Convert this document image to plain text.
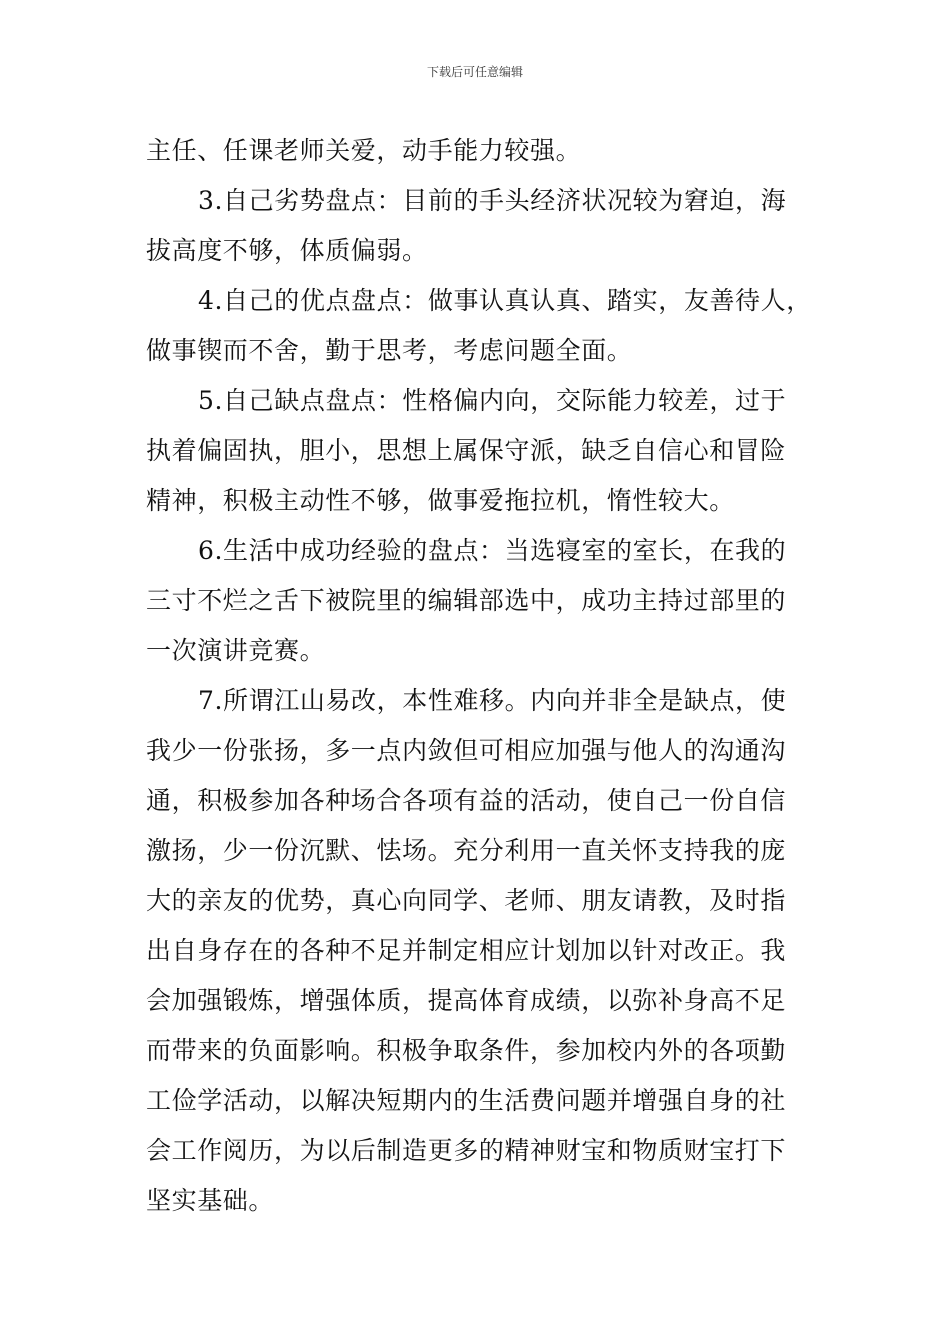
下载后可任意编辑
主任、任课老师关爱，动手能力较强。
3.自己劣势盘点：目前的手头经济状况较为窘迫，海
拔高度不够，体质偏弱。
4.自己的优点盘点：做事认真认真、踏实，友善待人，
做事锲而不舍，勤于思考，考虑问题全面。
5.自己缺点盘点：性格偏内向，交际能力较差，过于
执着偏固执，胆小，思想上属保守派，缺乏自信心和冒险
精神，积极主动性不够，做事爱拖拉机，惰性较大。
6.生活中成功经验的盘点：当选寝室的室长，在我的
三寸不烂之舌下被院里的编辑部选中，成功主持过部里的
一次演讲竞赛。
7.所谓江山易改，本性难移。内向并非全是缺点，使
我少一份张扬，多一点内敛但可相应加强与他人的沟通沟
通，积极参加各种场合各项有益的活动，使自己一份自信
激扬，少一份沉默、怯场。充分利用一直关怀支持我的庞
大的亲友的优势，真心向同学、老师、朋友请教，及时指
出自身存在的各种不足并制定相应计划加以针对改正。我
会加强锻炼，增强体质，提高体育成绩，以弥补身高不足
而带来的负面影响。积极争取条件，参加校内外的各项勤
工俭学活动，以解决短期内的生活费问题并增强自身的社
会工作阅历，为以后制造更多的精神财宝和物质财宝打下
坚实基础。
